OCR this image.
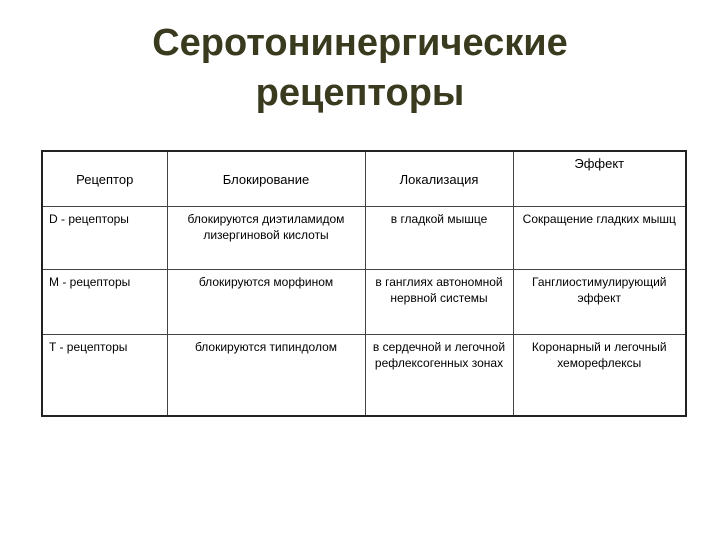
Серотонинергические
рецепторы
Рецептор	Блокирование	Локализация	Эффект
D - рецепторы	блокируются диэтиламидом лизергиновой кислоты	в гладкой мышце	Сокращение гладких мышц
M - рецепторы	блокируются морфином	в ганглиях автономной нервной системы	Ганглиостимулирующий эффект
T - рецепторы	блокируются типиндолом	в сердечной и легочной рефлексогенных зонах	Коронарный и легочный хеморефлексы
